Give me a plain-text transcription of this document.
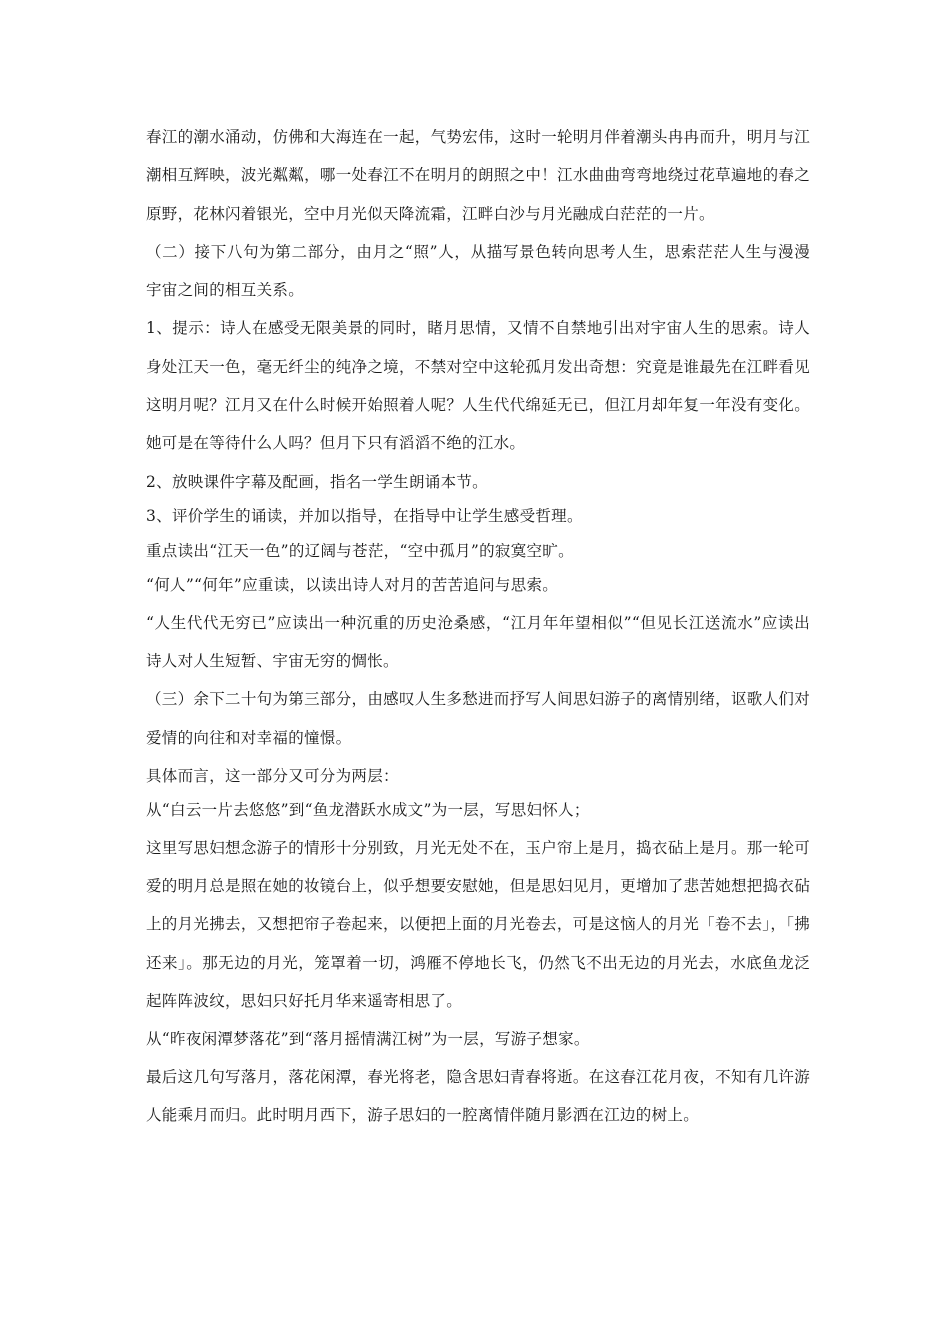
春江的潮水涌动，仿佛和大海连在一起，气势宏伟，这时一轮明月伴着潮头冉冉而升，明月与江潮相互辉映，波光粼粼，哪一处春江不在明月的朗照之中！江水曲曲弯弯地绕过花草遍地的春之原野，花林闪着银光，空中月光似天降流霜，江畔白沙与月光融成白茫茫的一片。

（二）接下八句为第二部分，由月之“照”人，从描写景色转向思考人生，思索茫茫人生与漫漫宇宙之间的相互关系。

1、提示：诗人在感受无限美景的同时，睹月思情，又情不自禁地引出对宇宙人生的思索。诗人身处江天一色，毫无纤尘的纯净之境，不禁对空中这轮孤月发出奇想：究竟是谁最先在江畔看见这明月呢？江月又在什么时候开始照着人呢？人生代代绵延无已，但江月却年复一年没有变化。她可是在等待什么人吗？但月下只有滔滔不绝的江水。

2、放映课件字幕及配画，指名一学生朗诵本节。

3、评价学生的诵读，并加以指导，在指导中让学生感受哲理。

重点读出“江天一色”的辽阔与苍茫，“空中孤月”的寂寞空旷。

“何人”“何年”应重读，以读出诗人对月的苦苦追问与思索。

“人生代代无穷已”应读出一种沉重的历史沧桑感，“江月年年望相似”“但见长江送流水”应读出诗人对人生短暂、宇宙无穷的惆怅。

（三）余下二十句为第三部分，由感叹人生多愁进而抒写人间思妇游子的离情别绪，讴歌人们对爱情的向往和对幸福的憧憬。

具体而言，这一部分又可分为两层：

从“白云一片去悠悠”到“鱼龙潜跃水成文”为一层，写思妇怀人；

这里写思妇想念游子的情形十分别致，月光无处不在，玉户帘上是月，捣衣砧上是月。那一轮可爱的明月总是照在她的妆镜台上，似乎想要安慰她，但是思妇见月，更增加了悲苦她想把捣衣砧上的月光拂去，又想把帘子卷起来，以便把上面的月光卷去，可是这恼人的月光「卷不去」，「拂还来」。那无边的月光，笼罩着一切，鸿雁不停地长飞，仍然飞不出无边的月光去，水底鱼龙泛起阵阵波纹，思妇只好托月华来遥寄相思了。

从“昨夜闲潭梦落花”到“落月摇情满江树”为一层，写游子想家。

最后这几句写落月，落花闲潭，春光将老，隐含思妇青春将逝。在这春江花月夜，不知有几许游人能乘月而归。此时明月西下，游子思妇的一腔离情伴随月影洒在江边的树上。
